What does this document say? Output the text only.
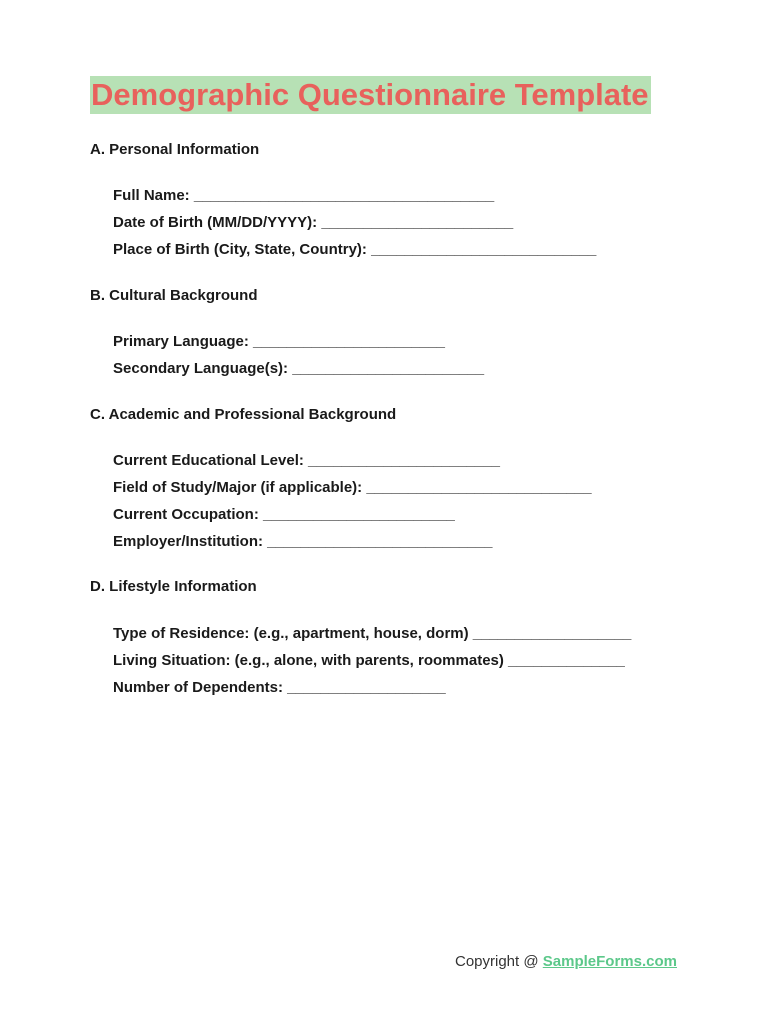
Demographic Questionnaire Template
A. Personal Information
Full Name: ____________________________________
Date of Birth (MM/DD/YYYY): _______________________
Place of Birth (City, State, Country): ___________________________
B. Cultural Background
Primary Language: _______________________
Secondary Language(s): _______________________
C. Academic and Professional Background
Current Educational Level: _______________________
Field of Study/Major (if applicable): ___________________________
Current Occupation: _______________________
Employer/Institution: ___________________________
D. Lifestyle Information
Type of Residence: (e.g., apartment, house, dorm) ___________________
Living Situation: (e.g., alone, with parents, roommates) ______________
Number of Dependents: ___________________
Copyright @ SampleForms.com
